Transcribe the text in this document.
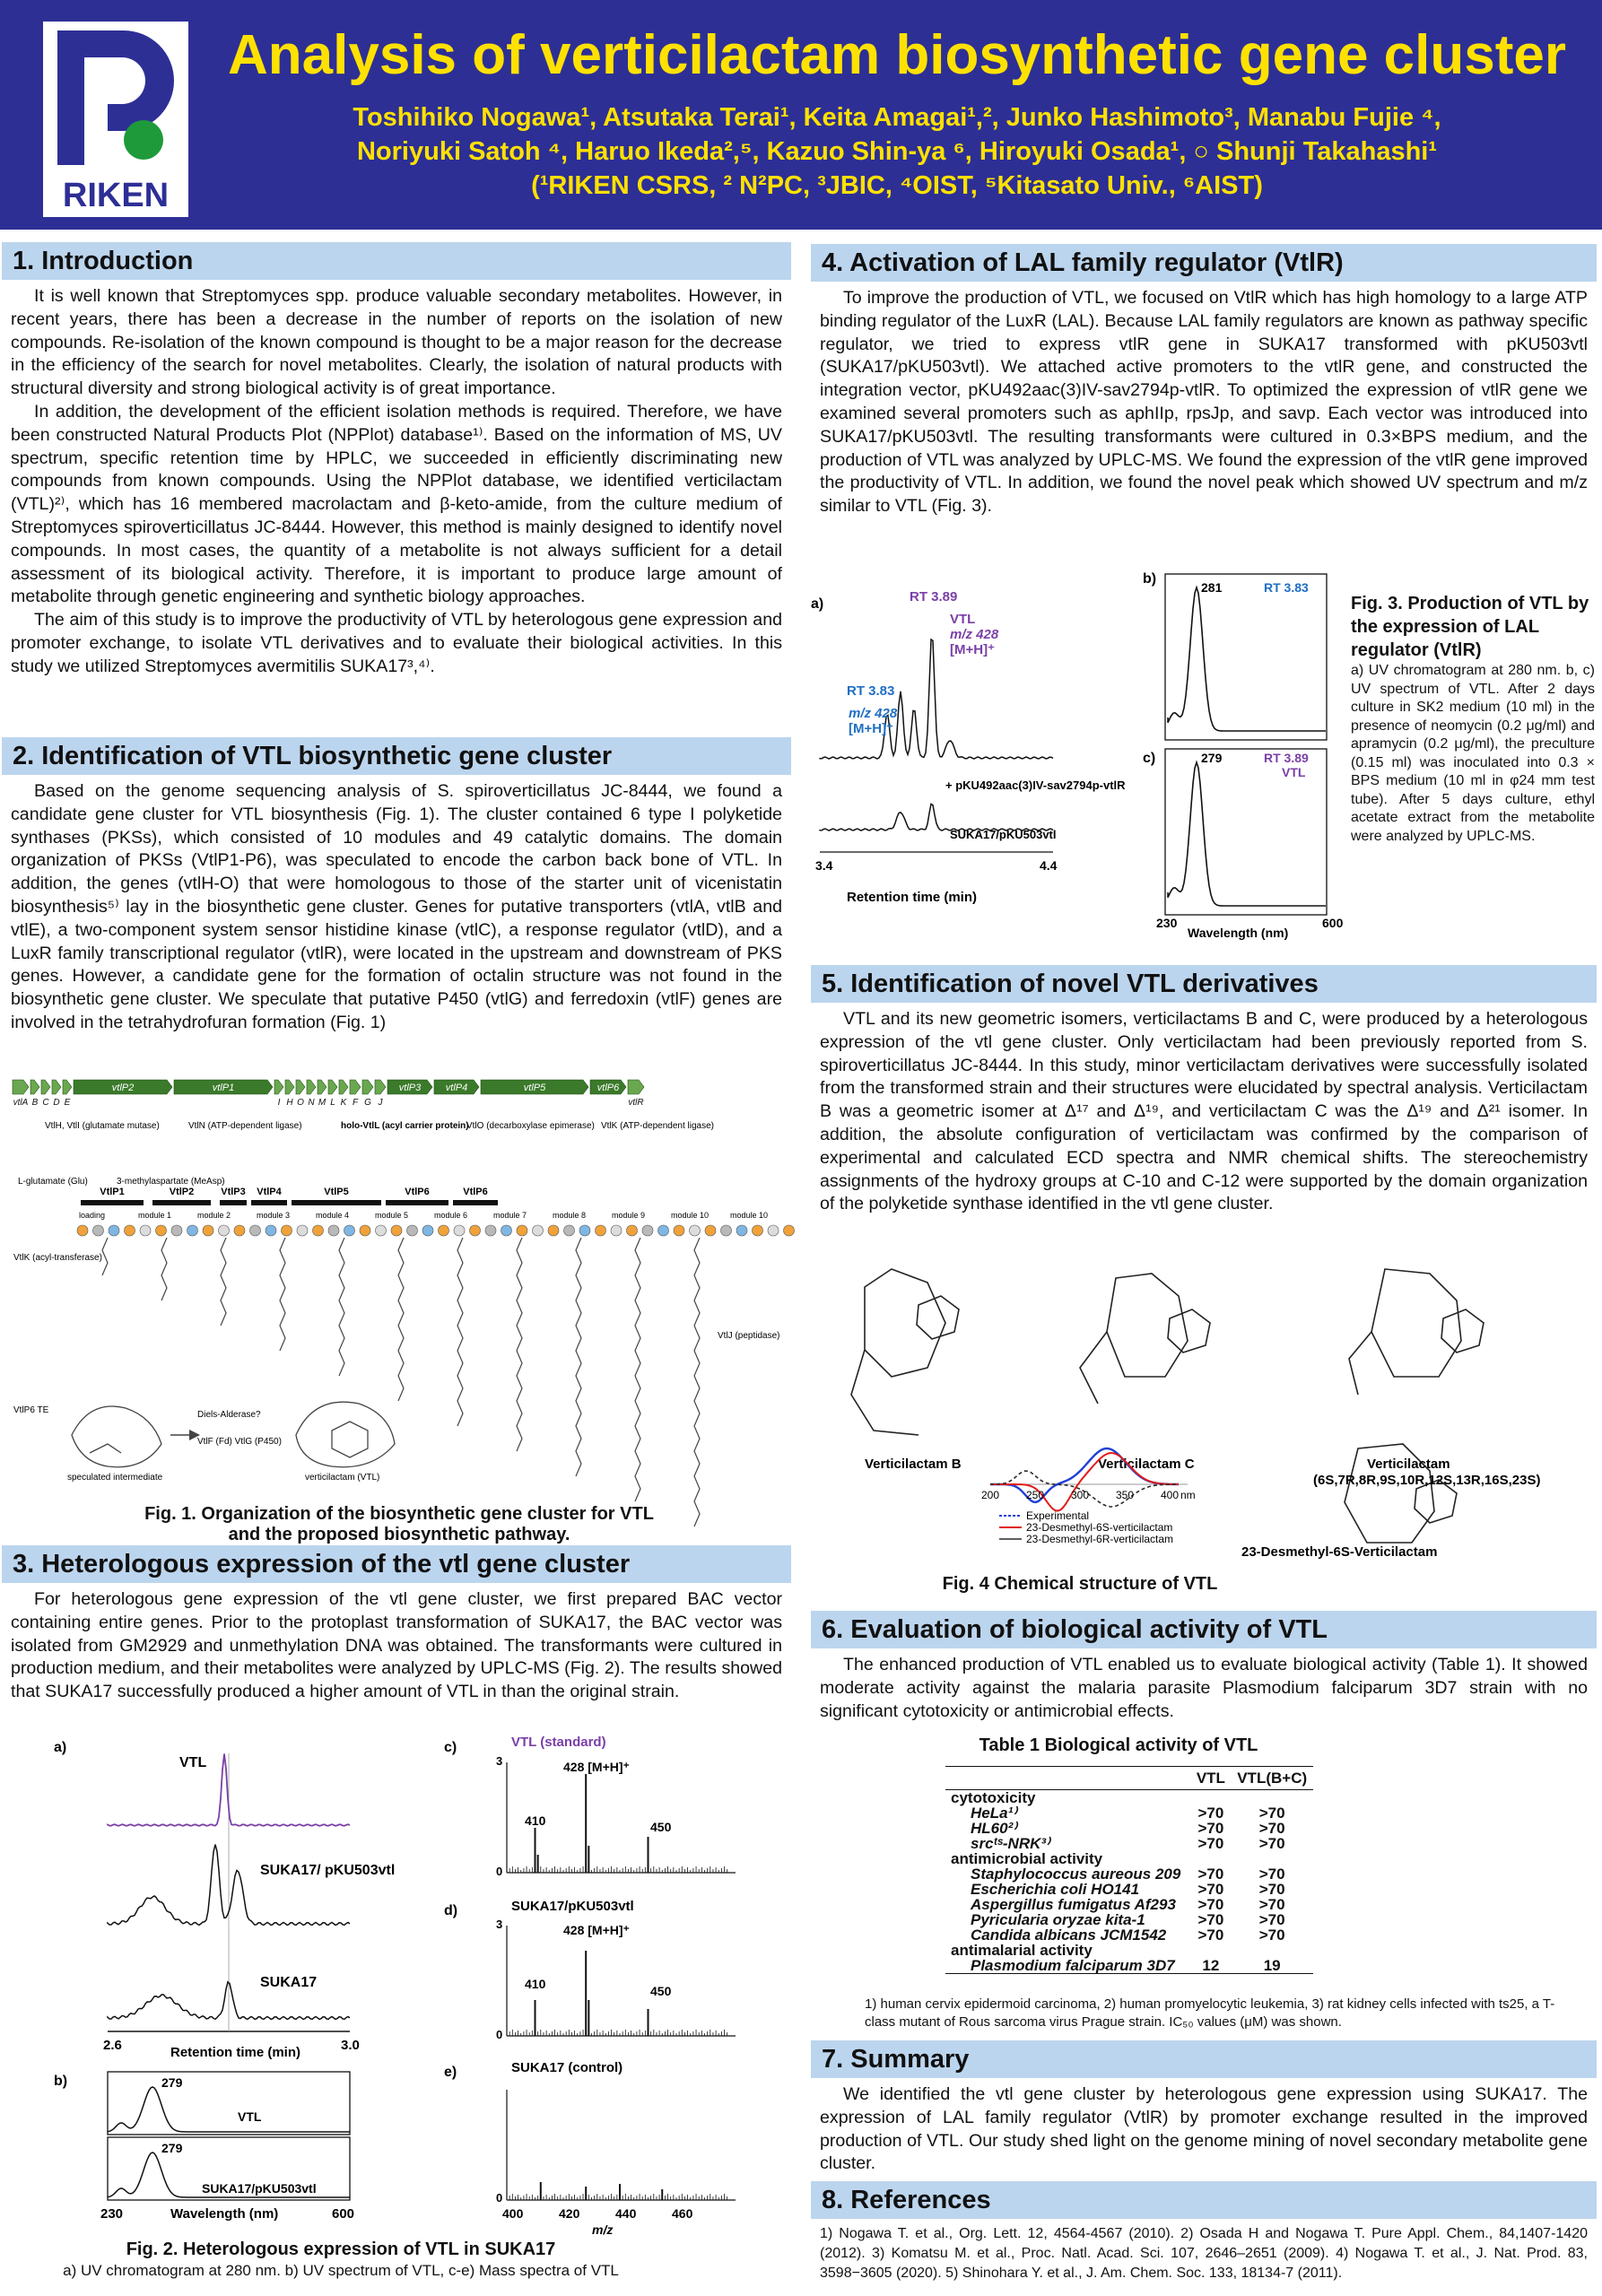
RIKEN
Analysis of verticilactam biosynthetic gene cluster
Toshihiko Nogawa¹, Atsutaka Terai¹, Keita Amagai¹,², Junko Hashimoto³, Manabu Fujie ⁴,
Noriyuki Satoh ⁴, Haruo Ikeda²,⁵, Kazuo Shin-ya ⁶, Hiroyuki Osada¹, ○ Shunji Takahashi¹
(¹RIKEN CSRS, ² N²PC, ³JBIC, ⁴OIST, ⁵Kitasato Univ., ⁶AIST)
1. Introduction

It is well known that Streptomyces spp. produce valuable secondary metabolites. However, in recent years, there has been a decrease in the number of reports on the isolation of new compounds. Re-isolation of the known compound is thought to be a major reason for the decrease in the efficiency of the search for novel metabolites. Clearly, the isolation of natural products with structural diversity and strong biological activity is of great importance.

In addition, the development of the efficient isolation methods is required. Therefore, we have been constructed Natural Products Plot (NPPlot) database¹⁾. Based on the information of MS, UV spectrum, specific retention time by HPLC, we succeeded in efficiently discriminating new compounds from known compounds. Using the NPPlot database, we identified verticilactam (VTL)²⁾, which has 16 membered macrolactam and β-keto-amide, from the culture medium of Streptomyces spiroverticillatus JC-8444. However, this method is mainly designed to identify novel compounds. In most cases, the quantity of a metabolite is not always sufficient for a detail assessment of its biological activity. Therefore, it is important to produce large amount of metabolite through genetic engineering and synthetic biology approaches.

The aim of this study is to improve the productivity of VTL by heterologous gene expression and promoter exchange, to isolate VTL derivatives and to evaluate their biological activities. In this study we utilized Streptomyces avermitilis SUKA17³,⁴⁾.

2. Identification of VTL biosynthetic gene cluster

Based on the genome sequencing analysis of S. spiroverticillatus JC-8444, we found a candidate gene cluster for VTL biosynthesis (Fig. 1). The cluster contained 6 type I polyketide synthases (PKSs), which consisted of 10 modules and 49 catalytic domains. The domain organization of PKSs (VtlP1-P6), was speculated to encode the carbon back bone of VTL. In addition, the genes (vtlH-O) that were homologous to those of the starter unit of vicenistatin biosynthesis⁵⁾ lay in the biosynthetic gene cluster. Genes for putative transporters (vtlA, vtlB and vtlE), a two-component system sensor histidine kinase (vtlC), a response regulator (vtlD), and a LuxR family transcriptional regulator (vtlR), were located in the upstream and downstream of PKS genes. However, a candidate gene for the formation of octalin structure was not found in the biosynthetic gene cluster. We speculate that putative P450 (vtlG) and ferredoxin (vtlF) genes are involved in the tetrahydrofuran formation (Fig. 1)

vtlA B C D E
vtlP2	vtlP1
I H O N M L K F G J
vtlP3	vtlP4	vtlP5	vtlP6
vtlR
VtlP1	VtlP2	VtlP3 VtlP4	VtlP5	VtlP6	VtlP6
loading	module 1	module 2	module 3	module 4	module 5	module 6	module 7	module 8	module 9	module 10	module 10
VtlH, VtlI (glutamate mutase)
L-glutamate (Glu)	3-methylaspartate (MeAsp)
VtlN (ATP-dependent ligase)	holo-VtlL (acyl carrier protein)
VtlO (decarboxylase epimerase) VtlK (ATP-dependent ligase)
VtlK (acyl-transferase)
VtlP6 TE
VtlJ (peptidase)
Diels-Alderase?
VtlF (Fd) VtlG (P450)
speculated intermediate	verticilactam (VTL)
Fig. 1. Organization of the biosynthetic gene cluster for VTL
and the proposed biosynthetic pathway.
3. Heterologous expression of the vtl gene cluster

For heterologous gene expression of the vtl gene cluster, we first prepared BAC vector containing entire genes. Prior to the protoplast transformation of SUKA17, the BAC vector was isolated from GM2929 and unmethylation DNA was obtained. The transformants were cultured in production medium, and their metabolites were analyzed by UPLC-MS (Fig. 2). The results showed that SUKA17 successfully produced a higher amount of VTL in than the original strain.

a)
b)
c)
d)
e)
VTL
SUKA17/ pKU503vtl
SUKA17
2.6	3.0
Retention time (min)
279
VTL
279
SUKA17/pKU503vtl
230	600
Wavelength (nm)
VTL (standard)
SUKA17/pKU503vtl
SUKA17 (control)
428 [M+H]⁺
410	450
428 [M+H]⁺
410	450
3
0
3
0
0
400	420	440	460
m/z
Fig. 2. Heterologous expression of VTL in SUKA17
a) UV chromatogram at 280 nm. b) UV spectrum of VTL, c-e) Mass spectra of VTL
4. Activation of LAL family regulator (VtlR)

To improve the production of VTL, we focused on VtlR which has high homology to a large ATP binding regulator of the LuxR (LAL). Because LAL family regulators are known as pathway specific regulator, we tried to express vtlR gene in SUKA17 transformed with pKU503vtl (SUKA17/pKU503vtl). We attached active promoters to the vtlR gene, and constructed the integration vector, pKU492aac(3)IV-sav2794p-vtlR. To optimized the expression of vtlR gene we examined several promoters such as aphIIp, rpsJp, and savp. Each vector was introduced into SUKA17/pKU503vtl. The resulting transformants were cultured in 0.3×BPS medium, and the production of VTL was analyzed by UPLC-MS. We found the expression of the vtlR gene improved the productivity of VTL. In addition, we found the novel peak which showed UV spectrum and m/z similar to VTL (Fig. 3).

a)
b)
c)
RT 3.89
VTL
m/z 428
[M+H]⁺
RT 3.83
m/z 428
[M+H]⁺
+ pKU492aac(3)IV-sav2794p-vtlR
SUKA17/pKU503vtl
3.4	4.4
Retention time (min)
281	RT 3.83
279	RT 3.89
VTL
230	600
Wavelength (nm)
Fig. 3. Production of VTL by the expression of LAL regulator (VtlR)
a) UV chromatogram at 280 nm. b, c) UV spectrum of VTL. After 2 days culture in SK2 medium (10 ml) in the presence of neomycin (0.2 μg/ml) and apramycin (0.2 μg/ml), the preculture (0.15 ml) was inoculated into 0.3 × BPS medium (10 ml in φ24 mm test tube). After 5 days culture, ethyl acetate extract from the metabolite were analyzed by UPLC-MS.
5. Identification of novel VTL derivatives

VTL and its new geometric isomers, verticilactams B and C, were produced by a heterologous expression of the vtl gene cluster. Only verticilactam had been previously reported from S. spiroverticillatus JC-8444. In this study, minor verticilactam derivatives were successfully isolated from the transformed strain and their structures were elucidated by spectral analysis. Verticilactam B was a geometric isomer at Δ¹⁷ and Δ¹⁹, and verticilactam C was the Δ¹⁹ and Δ²¹ isomer. In addition, the absolute configuration of verticilactam was confirmed by the comparison of experimental and calculated ECD spectra and NMR chemical shifts. The stereochemistry assignments of the hydroxy groups at C-10 and C-12 were supported by the domain organization of the polyketide synthase identified in the vtl gene cluster.

Verticilactam B	Verticilactam C	Verticilactam
(6S,7R,8R,9S,10R,12S,13R,16S,23S)
23-Desmethyl-6S-Verticilactam
200 250 300 350 400 nm
Experimental
23-Desmethyl-6S-verticilactam
23-Desmethyl-6R-verticilactam
Fig. 4 Chemical structure of VTL
6. Evaluation of biological activity of VTL

The enhanced production of VTL enabled us to evaluate biological activity (Table 1). It showed moderate activity against the malaria parasite Plasmodium falciparum 3D7 strain with no significant cytotoxicity or antimicrobial effects.

Table 1 Biological activity of VTL
	VTL	VTL(B+C)
cytotoxicity		
HeLa¹⁾	>70	>70
HL60²⁾	>70	>70
srcᵗˢ-NRK³⁾	>70	>70
antimicrobial activity		
Staphylococcus aureous 209	>70	>70
Escherichia coli HO141	>70	>70
Aspergillus fumigatus Af293	>70	>70
Pyricularia oryzae kita-1	>70	>70
Candida albicans JCM1542	>70	>70
antimalarial activity		
Plasmodium falciparum 3D7	12	19
1) human cervix epidermoid carcinoma, 2) human promyelocytic leukemia, 3) rat kidney cells infected with ts25, a T-class mutant of Rous sarcoma virus Prague strain. IC₅₀ values (μM) was shown.
7. Summary

We identified the vtl gene cluster by heterologous gene expression using SUKA17. The expression of LAL family regulator (VtlR) by promoter exchange resulted in the improved production of VTL. Our study shed light on the genome mining of novel secondary metabolite gene cluster.

8. References
1) Nogawa T. et al., Org. Lett. 12, 4564-4567 (2010). 2) Osada H and Nogawa T. Pure Appl. Chem., 84,1407-1420 (2012). 3) Komatsu M. et al., Proc. Natl. Acad. Sci. 107, 2646–2651 (2009). 4) Nogawa T. et al., J. Nat. Prod. 83, 3598−3605 (2020). 5) Shinohara Y. et al., J. Am. Chem. Soc. 133, 18134-7 (2011).
